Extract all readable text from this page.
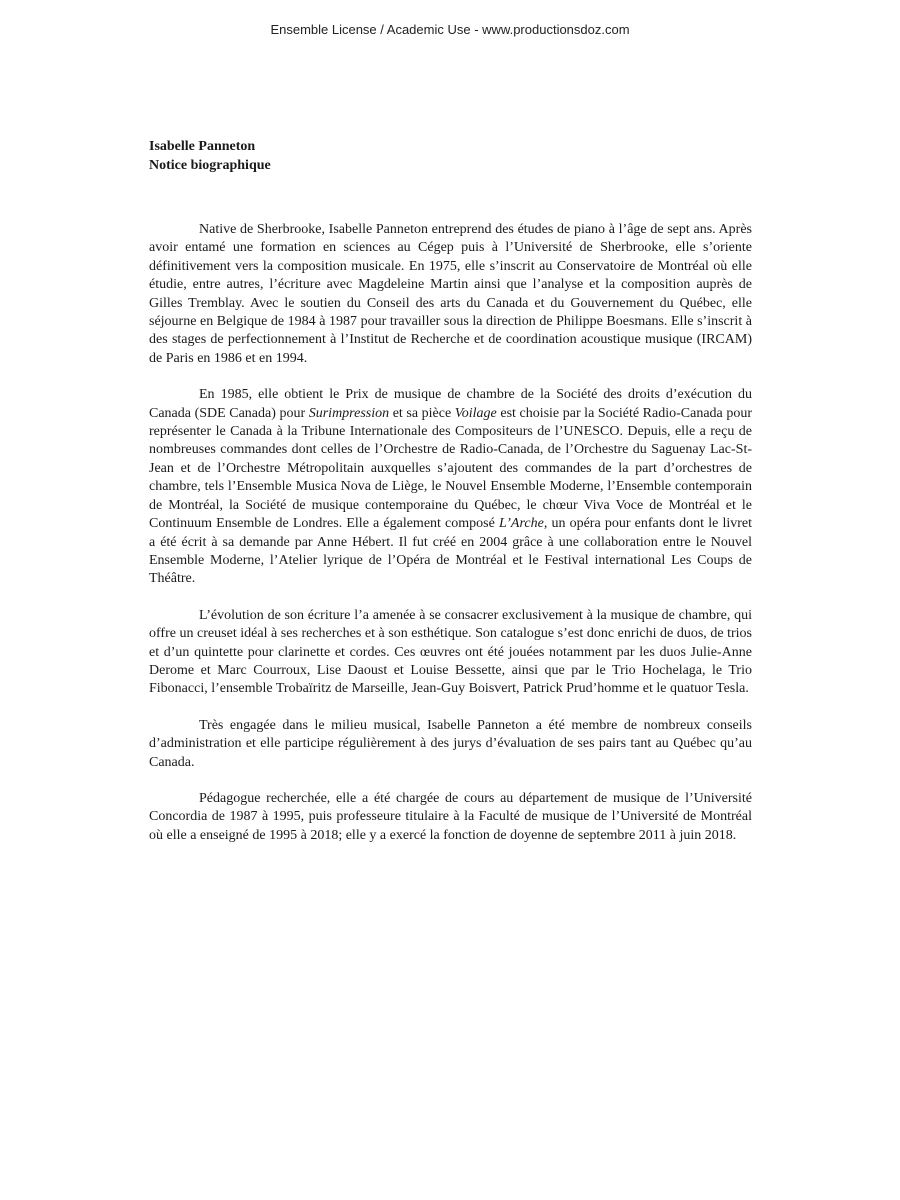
Ensemble License / Academic Use - www.productionsdoz.com
Isabelle Panneton
Notice biographique

Native de Sherbrooke, Isabelle Panneton entreprend des études de piano à l’âge de sept ans. Après avoir entamé une formation en sciences au Cégep puis à l’Université de Sherbrooke, elle s’oriente définitivement vers la composition musicale. En 1975, elle s’inscrit au Conservatoire de Montréal où elle étudie, entre autres, l’écriture avec Magdeleine Martin ainsi que l’analyse et la composition auprès de Gilles Tremblay. Avec le soutien du Conseil des arts du Canada et du Gouvernement du Québec, elle séjourne en Belgique de 1984 à 1987 pour travailler sous la direction de Philippe Boesmans. Elle s’inscrit à des stages de perfectionnement à l’Institut de Recherche et de coordination acoustique musique (IRCAM) de Paris en 1986 et en 1994.

En 1985, elle obtient le Prix de musique de chambre de la Société des droits d’exécution du Canada (SDE Canada) pour Surimpression et sa pièce Voilage est choisie par la Société Radio-Canada pour représenter le Canada à la Tribune Internationale des Compositeurs de l’UNESCO. Depuis, elle a reçu de nombreuses commandes dont celles de l’Orchestre de Radio-Canada, de l’Orchestre du Saguenay Lac-St-Jean et de l’Orchestre Métropolitain auxquelles s’ajoutent des commandes de la part d’orchestres de chambre, tels l’Ensemble Musica Nova de Liège, le Nouvel Ensemble Moderne, l’Ensemble contemporain de Montréal, la Société de musique contemporaine du Québec, le chœur Viva Voce de Montréal et le Continuum Ensemble de Londres. Elle a également composé L’Arche, un opéra pour enfants dont le livret a été écrit à sa demande par Anne Hébert. Il fut créé en 2004 grâce à une collaboration entre le Nouvel Ensemble Moderne, l’Atelier lyrique de l’Opéra de Montréal et le Festival international Les Coups de Théâtre.

L’évolution de son écriture l’a amenée à se consacrer exclusivement à la musique de chambre, qui offre un creuset idéal à ses recherches et à son esthétique. Son catalogue s’est donc enrichi de duos, de trios et d’un quintette pour clarinette et cordes. Ces œuvres ont été jouées notamment par les duos Julie-Anne Derome et Marc Courroux, Lise Daoust et Louise Bessette, ainsi que par le Trio Hochelaga, le Trio Fibonacci, l’ensemble Trobaïritz de Marseille, Jean-Guy Boisvert, Patrick Prud’homme et le quatuor Tesla.

Très engagée dans le milieu musical, Isabelle Panneton a été membre de nombreux conseils d’administration et elle participe régulièrement à des jurys d’évaluation de ses pairs tant au Québec qu’au Canada.

Pédagogue recherchée, elle a été chargée de cours au département de musique de l’Université Concordia de 1987 à 1995, puis professeure titulaire à la Faculté de musique de l’Université de Montréal où elle a enseigné de 1995 à 2018; elle y a exercé la fonction de doyenne de septembre 2011 à juin 2018.
